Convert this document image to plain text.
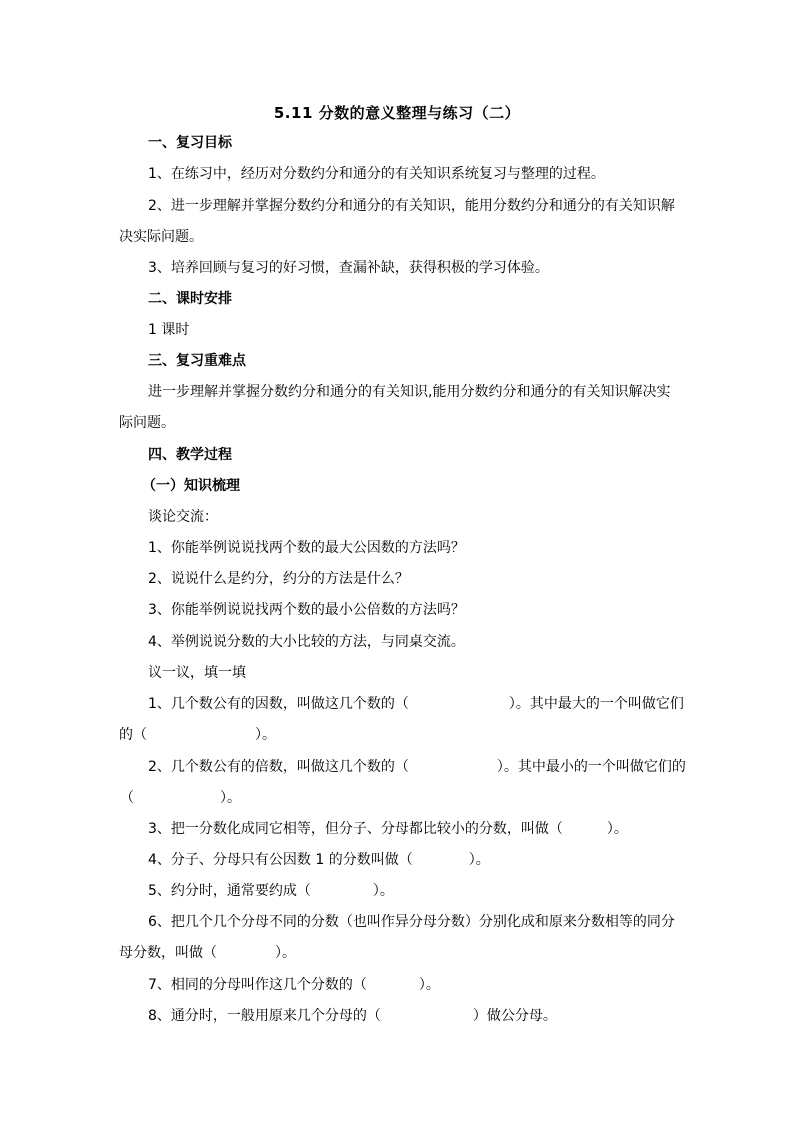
5.11 分数的意义整理与练习（二）
一、复习目标
1、在练习中，经历对分数约分和通分的有关知识系统复习与整理的过程。
2、进一步理解并掌握分数约分和通分的有关知识，能用分数约分和通分的有关知识解
决实际问题。
3、培养回顾与复习的好习惯，查漏补缺，获得积极的学习体验。
二、课时安排
1 课时
三、复习重难点
进一步理解并掌握分数约分和通分的有关知识,能用分数约分和通分的有关知识解决实
际问题。
四、教学过程
（一）知识梳理
谈论交流：
1、你能举例说说找两个数的最大公因数的方法吗？
2、说说什么是约分，约分的方法是什么？
3、你能举例说说找两个数的最小公倍数的方法吗？
4、举例说说分数的大小比较的方法，与同桌交流。
议一议，填一填
1、几个数公有的因数，叫做这几个数的（	）。其中最大的一个叫做它们
的（	）。
2、几个数公有的倍数，叫做这几个数的（	）。其中最小的一个叫做它们的
（	）。
3、把一分数化成同它相等，但分子、分母都比较小的分数，叫做（	）。
4、分子、分母只有公因数 1 的分数叫做（	）。
5、约分时，通常要约成（	）。
6、把几个几个分母不同的分数（也叫作异分母分数）分别化成和原来分数相等的同分
母分数，叫做（	）。
7、相同的分母叫作这几个分数的（	）。
8、通分时，一般用原来几个分母的（	）做公分母。
